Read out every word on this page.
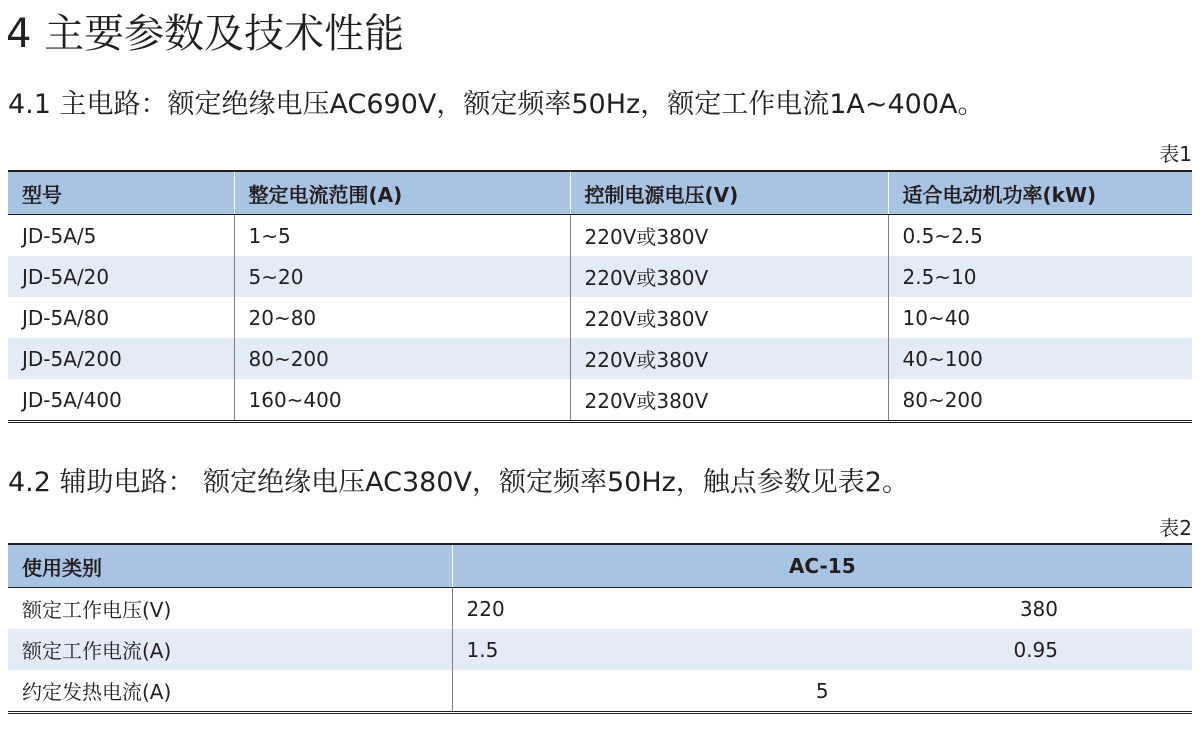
4 主要参数及技术性能
4.1 主电路：额定绝缘电压AC690V，额定频率50Hz，额定工作电流1A~400A。
表1
型号	整定电流范围(A)	控制电源电压(V)	适合电动机功率(kW)
JD-5A/5	1~5	220V或380V	0.5~2.5
JD-5A/20	5~20	220V或380V	2.5~10
JD-5A/80	20~80	220V或380V	10~40
JD-5A/200	80~200	220V或380V	40~100
JD-5A/400	160~400	220V或380V	80~200
4.2 辅助电路： 额定绝缘电压AC380V，额定频率50Hz，触点参数见表2。
表2
使用类别	AC-15
额定工作电压(V)	220 380

额定工作电流(A)	1.5 0.95

约定发热电流(A)	5
